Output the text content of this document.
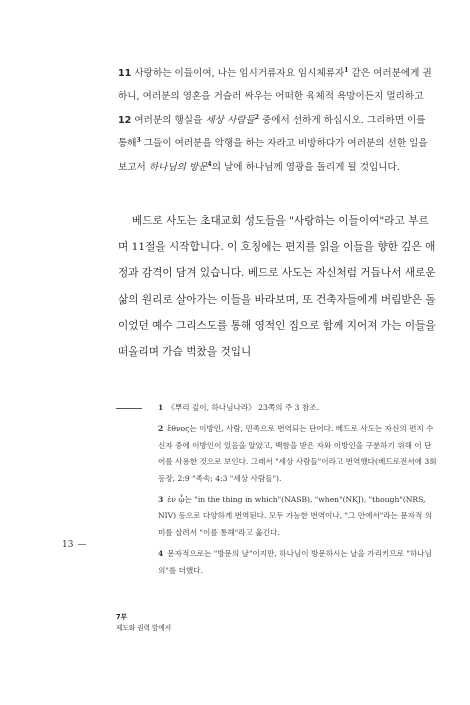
11 사랑하는 이들이여, 나는 임시거류자요 임시체류자$^1$ 같은 여러분에게 권하니, 여러분의 영혼을 거슬러 싸우는 어떠한 육체적 욕망이든지 멀리하고 12 여러분의 행실을 세상 사람들$^2$ 중에서 선하게 하십시오. 그리하면 이를 통해$^3$ 그들이 여러분을 악행을 하는 자라고 비방하다가 여러분의 선한 일을 보고서 하나님의 방문$^4$의 날에 하나님께 영광을 돌리게 될 것입니다.

베드로 사도는 초대교회 성도들을 "사랑하는 이들이여"라고 부르며 11절을 시작합니다. 이 호칭에는 편지를 읽을 이들을 향한 깊은 애정과 감격이 담겨 있습니다. 베드로 사도는 자신처럼 거듭나서 새로운 삶의 원리로 살아가는 이들을 바라보며, 또 건축자들에게 버림받은 돌이었던 예수 그리스도를 통해 영적인 집으로 함께 지어져 가는 이들을 떠올리며 가슴 벅찼을 것입니

1 《뿌리 깊이, 하나님나라》 23쪽의 주 3 참조.

2 ἔθνος는 이방인, 사람, 민족으로 번역되는 단어다. 베드로 사도는 자신의 편지 수신자 중에 이방인이 있음을 알았고, 백함을 받은 자와 이방인을 구분하기 위해 이 단어를 사용한 것으로 보인다. 그래서 "세상 사람들"이라고 번역했다(베드로전서에 3회 등장, 2:9 "족속; 4:3 "세상 사람들").

3 ἐν ᾧ는 "in the thing in which"(NASB), "when"(NKJ), "though"(NRS, NIV) 등으로 다양하게 번역된다. 모두 가능한 번역이나, "그 안에서"라는 문자적 의미를 살려서 "이를 통해"라고 옮긴다.

4 문자적으로는 "방문의 날"이지만, 하나님이 방문하시는 날을 가리키므로 "하나님의"를 더했다.

13 —
7부
제도와 권력 앞에서
